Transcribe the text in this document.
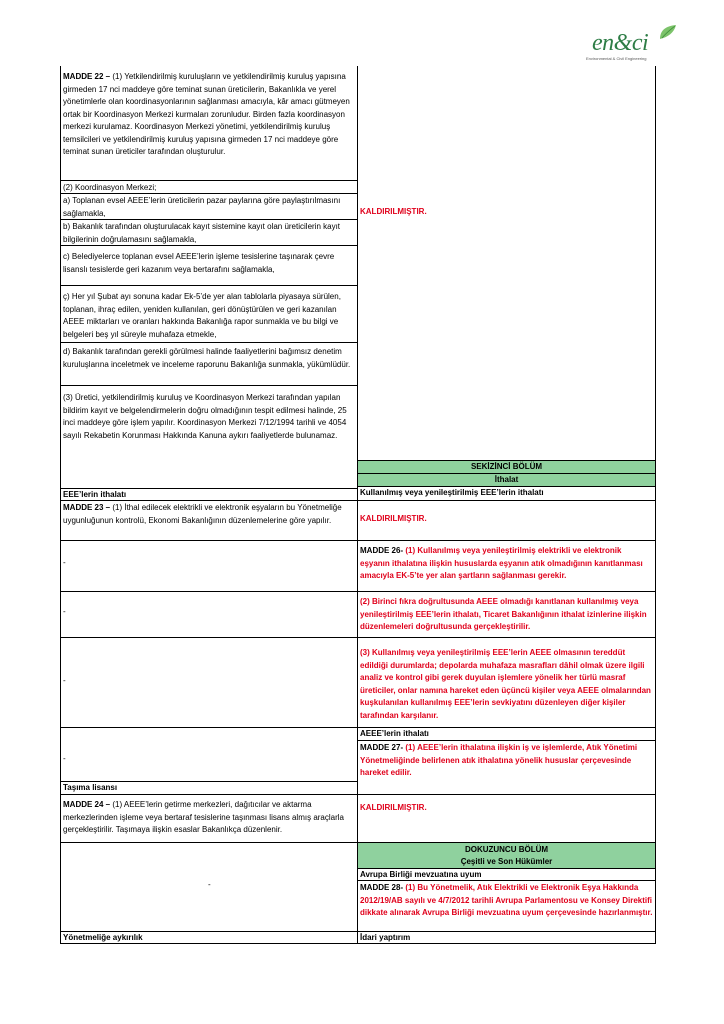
en&ci
Environmental & Civil Engineering
MADDE 22 – (1) Yetkilendirilmiş kuruluşların ve yetkilendirilmiş kuruluş yapısına girmeden 17 nci maddeye göre teminat sunan üreticilerin, Bakanlıkla ve yerel yönetimlerle olan koordinasyonlarının sağlanması amacıyla, kâr amacı gütmeyen ortak bir Koordinasyon Merkezi kurmaları zorunludur. Birden fazla koordinasyon merkezi kurulamaz. Koordinasyon Merkezi yönetimi, yetkilendirilmiş kuruluş temsilcileri ve yetkilendirilmiş kuruluş yapısına girmeden 17 nci maddeye göre teminat sunan üreticiler tarafından oluşturulur.
(2) Koordinasyon Merkezi;
a) Toplanan evsel AEEE’lerin üreticilerin pazar paylarına göre paylaştırılmasını sağlamakla,
b) Bakanlık tarafından oluşturulacak kayıt sistemine kayıt olan üreticilerin kayıt bilgilerinin doğrulamasını sağlamakla,
c) Belediyelerce toplanan evsel AEEE’lerin işleme tesislerine taşınarak çevre lisanslı tesislerde geri kazanım veya bertarafını sağlamakla,
ç) Her yıl Şubat ayı sonuna kadar Ek-5’de yer alan tablolarla piyasaya sürülen, toplanan, ihraç edilen, yeniden kullanılan, geri dönüştürülen ve geri kazanılan AEEE miktarları ve oranları hakkında Bakanlığa rapor sunmakla ve bu bilgi ve belgeleri beş yıl süreyle muhafaza etmekle,
d) Bakanlık tarafından gerekli görülmesi halinde faaliyetlerini bağımsız denetim kuruluşlarına inceletmek ve inceleme raporunu Bakanlığa sunmakla, yükümlüdür.
(3) Üretici, yetkilendirilmiş kuruluş ve Koordinasyon Merkezi tarafından yapılan bildirim kayıt ve belgelendirmelerin doğru olmadığının tespit edilmesi halinde, 25 inci maddeye göre işlem yapılır. Koordinasyon Merkezi 7/12/1994 tarihli ve 4054 sayılı Rekabetin Korunması Hakkında Kanuna aykırı faaliyetlerde bulunamaz.
EEE’lerin ithalatı
MADDE 23 – (1) İthal edilecek elektrikli ve elektronik eşyaların bu Yönetmeliğe uygunluğunun kontrolü, Ekonomi Bakanlığının düzenlemelerine göre yapılır.
-
-
-
-
Taşıma lisansı
MADDE 24 – (1) AEEE’lerin getirme merkezleri, dağıtıcılar ve aktarma merkezlerinden işleme veya bertaraf tesislerine taşınması lisans almış araçlarla gerçekleştirilir. Taşımaya ilişkin esaslar Bakanlıkça düzenlenir.
-
Yönetmeliğe aykırılık
KALDIRILMIŞTIR.
SEKİZİNCİ BÖLÜM
İthalat
Kullanılmış veya yenileştirilmiş EEE’lerin ithalatı
KALDIRILMIŞTIR.
MADDE 26- (1) Kullanılmış veya yenileştirilmiş elektrikli ve elektronik eşyanın ithalatına ilişkin hususlarda eşyanın atık olmadığının kanıtlanması amacıyla EK-5’te yer alan şartların sağlanması gerekir.
(2) Birinci fıkra doğrultusunda AEEE olmadığı kanıtlanan kullanılmış veya yenileştirilmiş EEE’lerin ithalatı, Ticaret Bakanlığının ithalat izinlerine ilişkin düzenlemeleri doğrultusunda gerçekleştirilir.
(3) Kullanılmış veya yenileştirilmiş EEE’lerin AEEE olmasının tereddüt edildiği durumlarda; depolarda muhafaza masrafları dâhil olmak üzere ilgili analiz ve kontrol gibi gerek duyulan işlemlere yönelik her türlü masraf üreticiler, onlar namına hareket eden üçüncü kişiler veya AEEE olmalarından kuşkulanılan kullanılmış EEE’lerin sevkiyatını düzenleyen diğer kişiler tarafından karşılanır.
AEEE’lerin ithalatı
MADDE 27- (1) AEEE’lerin ithalatına ilişkin iş ve işlemlerde, Atık Yönetimi Yönetmeliğinde belirlenen atık ithalatına yönelik hususlar çerçevesinde hareket edilir.
KALDIRILMIŞTIR.
DOKUZUNCU BÖLÜM
Çeşitli ve Son Hükümler
Avrupa Birliği mevzuatına uyum
MADDE 28- (1) Bu Yönetmelik, Atık Elektrikli ve Elektronik Eşya Hakkında 2012/19/AB sayılı ve 4/7/2012 tarihli Avrupa Parlamentosu ve Konsey Direktifi dikkate alınarak Avrupa Birliği mevzuatına uyum çerçevesinde hazırlanmıştır.
İdari yaptırım
